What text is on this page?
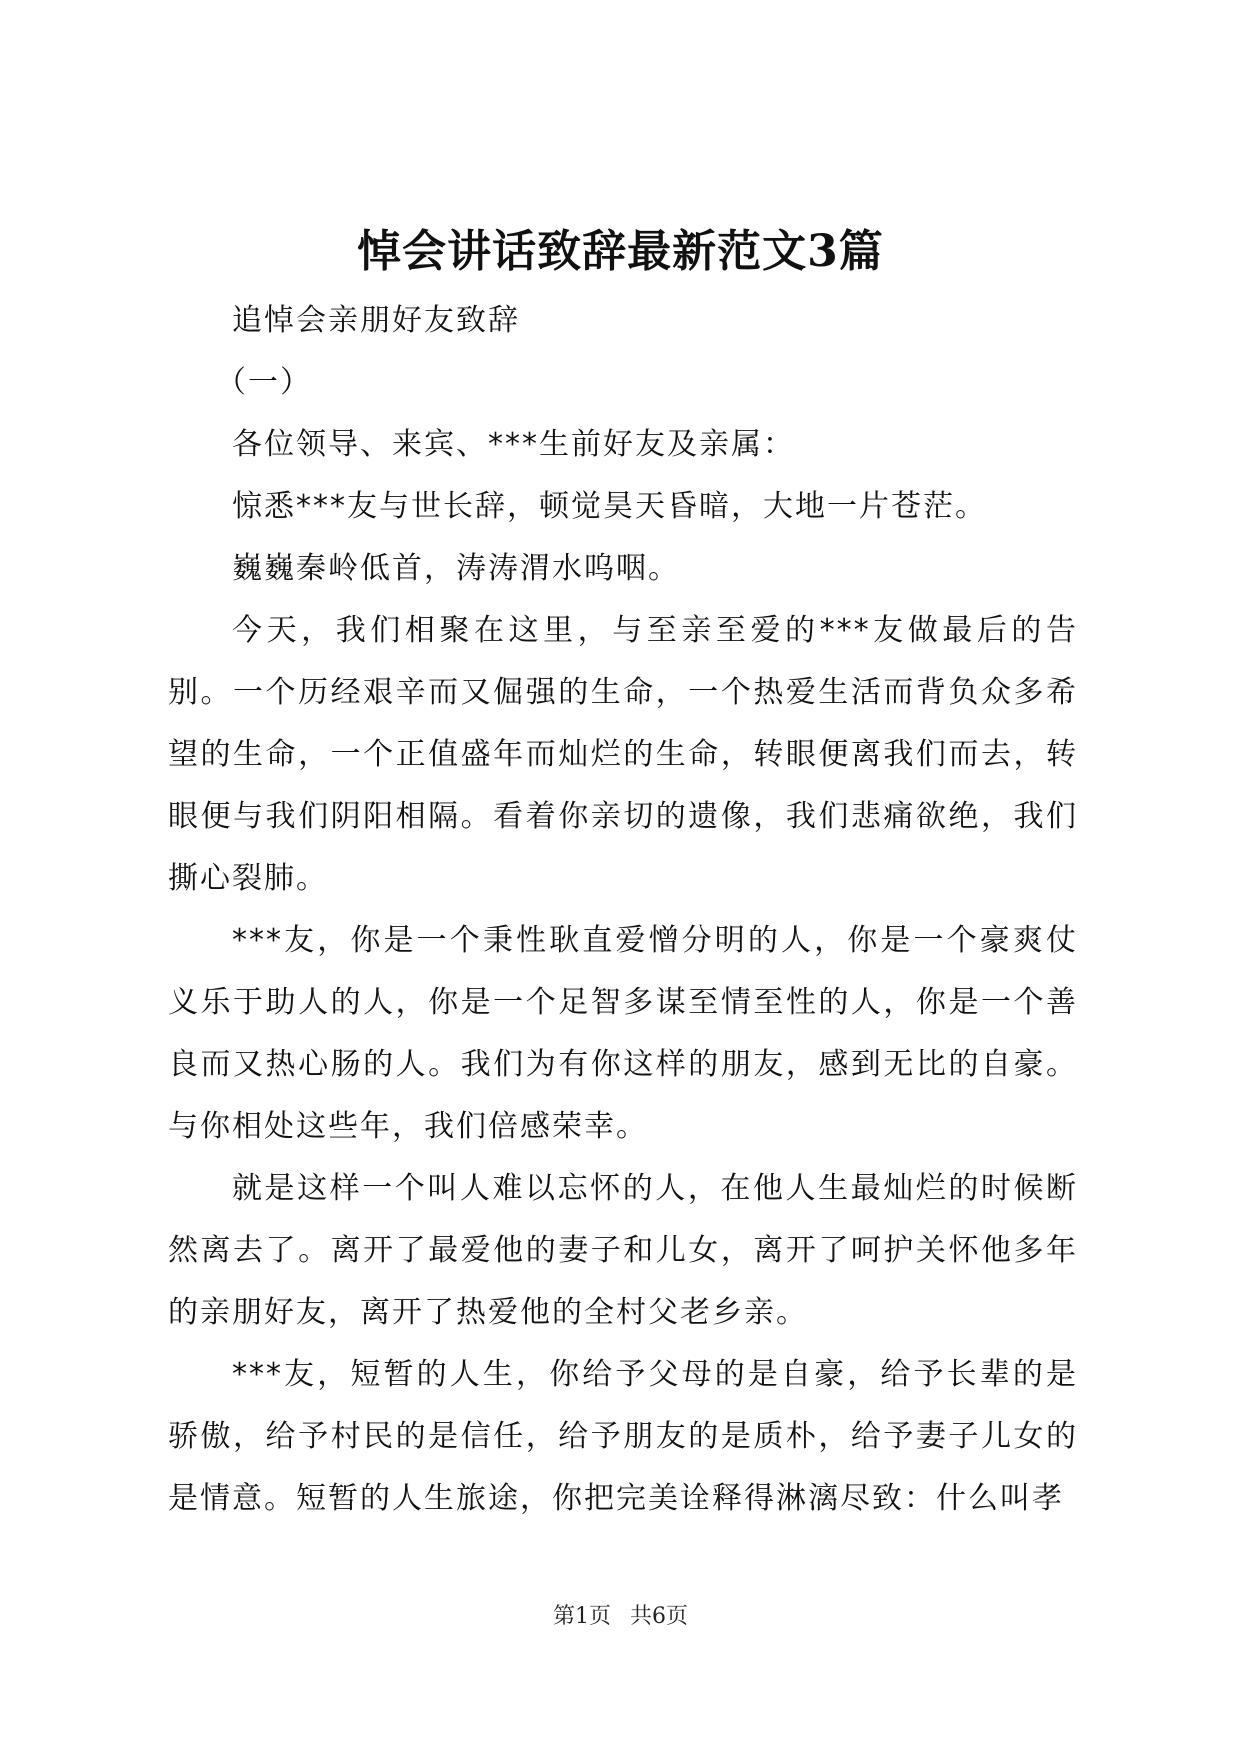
悼会讲话致辞最新范文3篇

追悼会亲朋好友致辞

（一）

各位领导、来宾、***生前好友及亲属：

惊悉***友与世长辞，顿觉昊天昏暗，大地一片苍茫。

巍巍秦岭低首，涛涛渭水呜咽。

今天，我们相聚在这里，与至亲至爱的***友做最后的告别。一个历经艰辛而又倔强的生命，一个热爱生活而背负众多希望的生命，一个正值盛年而灿烂的生命，转眼便离我们而去，转眼便与我们阴阳相隔。看着你亲切的遗像，我们悲痛欲绝，我们撕心裂肺。

***友，你是一个秉性耿直爱憎分明的人，你是一个豪爽仗义乐于助人的人，你是一个足智多谋至情至性的人，你是一个善良而又热心肠的人。我们为有你这样的朋友，感到无比的自豪。与你相处这些年，我们倍感荣幸。

就是这样一个叫人难以忘怀的人，在他人生最灿烂的时候断然离去了。离开了最爱他的妻子和儿女，离开了呵护关怀他多年的亲朋好友，离开了热爱他的全村父老乡亲。

***友，短暂的人生，你给予父母的是自豪，给予长辈的是骄傲，给予村民的是信任，给予朋友的是质朴，给予妻子儿女的是情意。短暂的人生旅途，你把完美诠释得淋漓尽致：什么叫孝

第1页 共6页
